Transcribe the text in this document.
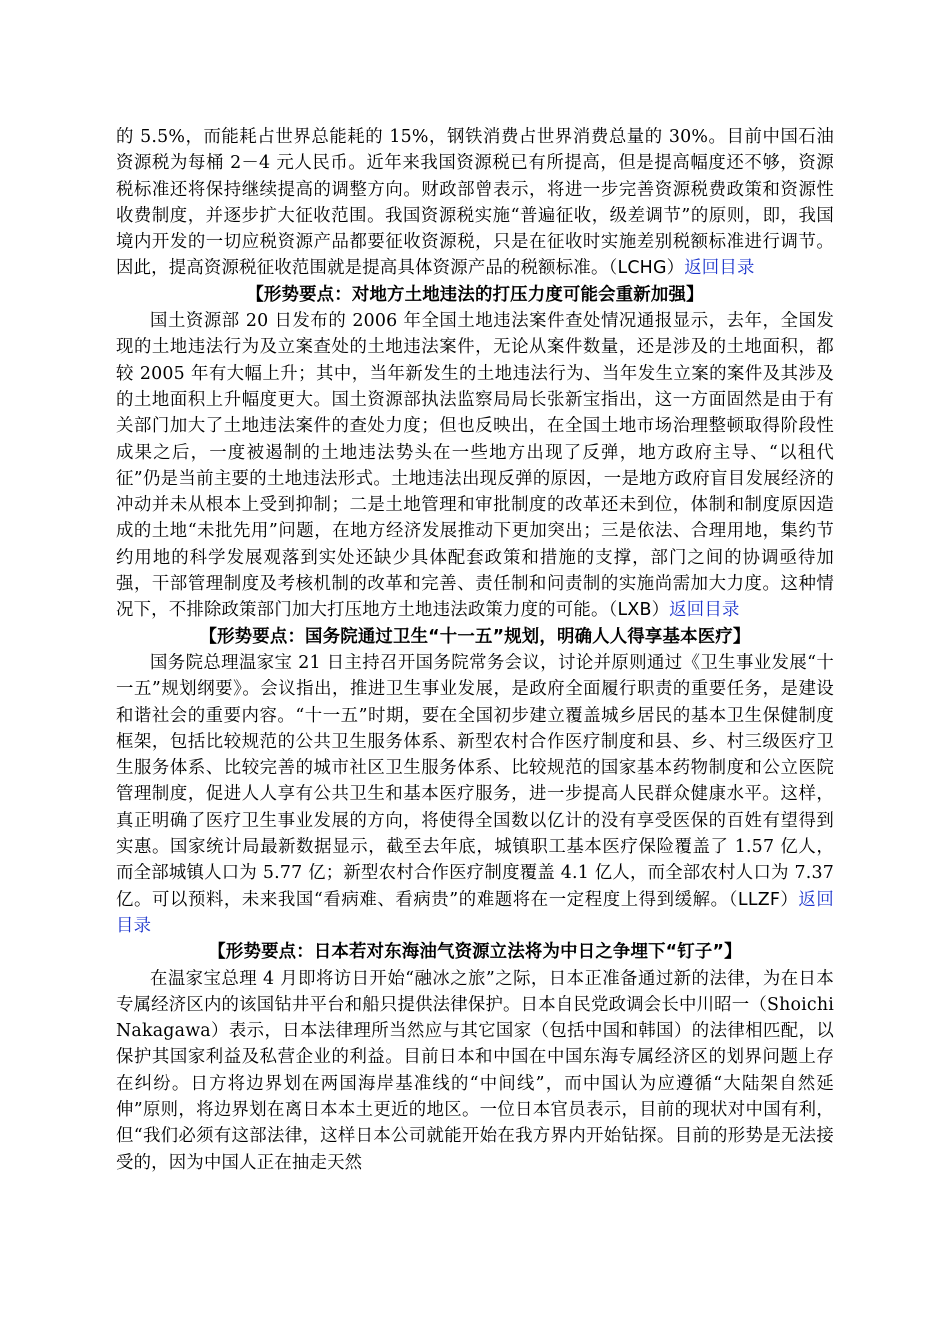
的 5.5%，而能耗占世界总能耗的 15%，钢铁消费占世界消费总量的 30%。目前中国石油资源税为每桶 2－4 元人民币。近年来我国资源税已有所提高，但是提高幅度还不够，资源税标准还将保持继续提高的调整方向。财政部曾表示，将进一步完善资源税费政策和资源性收费制度，并逐步扩大征收范围。我国资源税实施“普遍征收，级差调节”的原则，即，我国境内开发的一切应税资源产品都要征收资源税，只是在征收时实施差别税额标准进行调节。因此，提高资源税征收范围就是提高具体资源产品的税额标准。（LCHG）返回目录

【形势要点：对地方土地违法的打压力度可能会重新加强】

国土资源部 20 日发布的 2006 年全国土地违法案件查处情况通报显示，去年，全国发现的土地违法行为及立案查处的土地违法案件，无论从案件数量，还是涉及的土地面积，都较 2005 年有大幅上升；其中，当年新发生的土地违法行为、当年发生立案的案件及其涉及的土地面积上升幅度更大。国土资源部执法监察局局长张新宝指出，这一方面固然是由于有关部门加大了土地违法案件的查处力度；但也反映出，在全国土地市场治理整顿取得阶段性成果之后，一度被遏制的土地违法势头在一些地方出现了反弹，地方政府主导、“以租代征”仍是当前主要的土地违法形式。土地违法出现反弹的原因，一是地方政府盲目发展经济的冲动并未从根本上受到抑制；二是土地管理和审批制度的改革还未到位，体制和制度原因造成的土地“未批先用”问题，在地方经济发展推动下更加突出；三是依法、合理用地，集约节约用地的科学发展观落到实处还缺少具体配套政策和措施的支撑，部门之间的协调亟待加强，干部管理制度及考核机制的改革和完善、责任制和问责制的实施尚需加大力度。这种情况下，不排除政策部门加大打压地方土地违法政策力度的可能。（LXB）返回目录

【形势要点：国务院通过卫生“十一五”规划，明确人人得享基本医疗】

国务院总理温家宝 21 日主持召开国务院常务会议，讨论并原则通过《卫生事业发展“十一五”规划纲要》。会议指出，推进卫生事业发展，是政府全面履行职责的重要任务，是建设和谐社会的重要内容。“十一五”时期，要在全国初步建立覆盖城乡居民的基本卫生保健制度框架，包括比较规范的公共卫生服务体系、新型农村合作医疗制度和县、乡、村三级医疗卫生服务体系、比较完善的城市社区卫生服务体系、比较规范的国家基本药物制度和公立医院管理制度，促进人人享有公共卫生和基本医疗服务，进一步提高人民群众健康水平。这样，真正明确了医疗卫生事业发展的方向，将使得全国数以亿计的没有享受医保的百姓有望得到实惠。国家统计局最新数据显示，截至去年底，城镇职工基本医疗保险覆盖了 1.57 亿人，而全部城镇人口为 5.77 亿；新型农村合作医疗制度覆盖 4.1 亿人，而全部农村人口为 7.37 亿。可以预料，未来我国“看病难、看病贵”的难题将在一定程度上得到缓解。（LLZF）返回目录

【形势要点：日本若对东海油气资源立法将为中日之争埋下“钉子”】

在温家宝总理 4 月即将访日开始“融冰之旅”之际，日本正准备通过新的法律，为在日本专属经济区内的该国钻井平台和船只提供法律保护。日本自民党政调会长中川昭一（Shoichi Nakagawa）表示，日本法律理所当然应与其它国家（包括中国和韩国）的法律相匹配，以保护其国家利益及私营企业的利益。目前日本和中国在中国东海专属经济区的划界问题上存在纠纷。日方将边界划在两国海岸基准线的“中间线”，而中国认为应遵循“大陆架自然延伸”原则，将边界划在离日本本土更近的地区。一位日本官员表示，目前的现状对中国有利，但“我们必须有这部法律，这样日本公司就能开始在我方界内开始钻探。目前的形势是无法接受的，因为中国人正在抽走天然
